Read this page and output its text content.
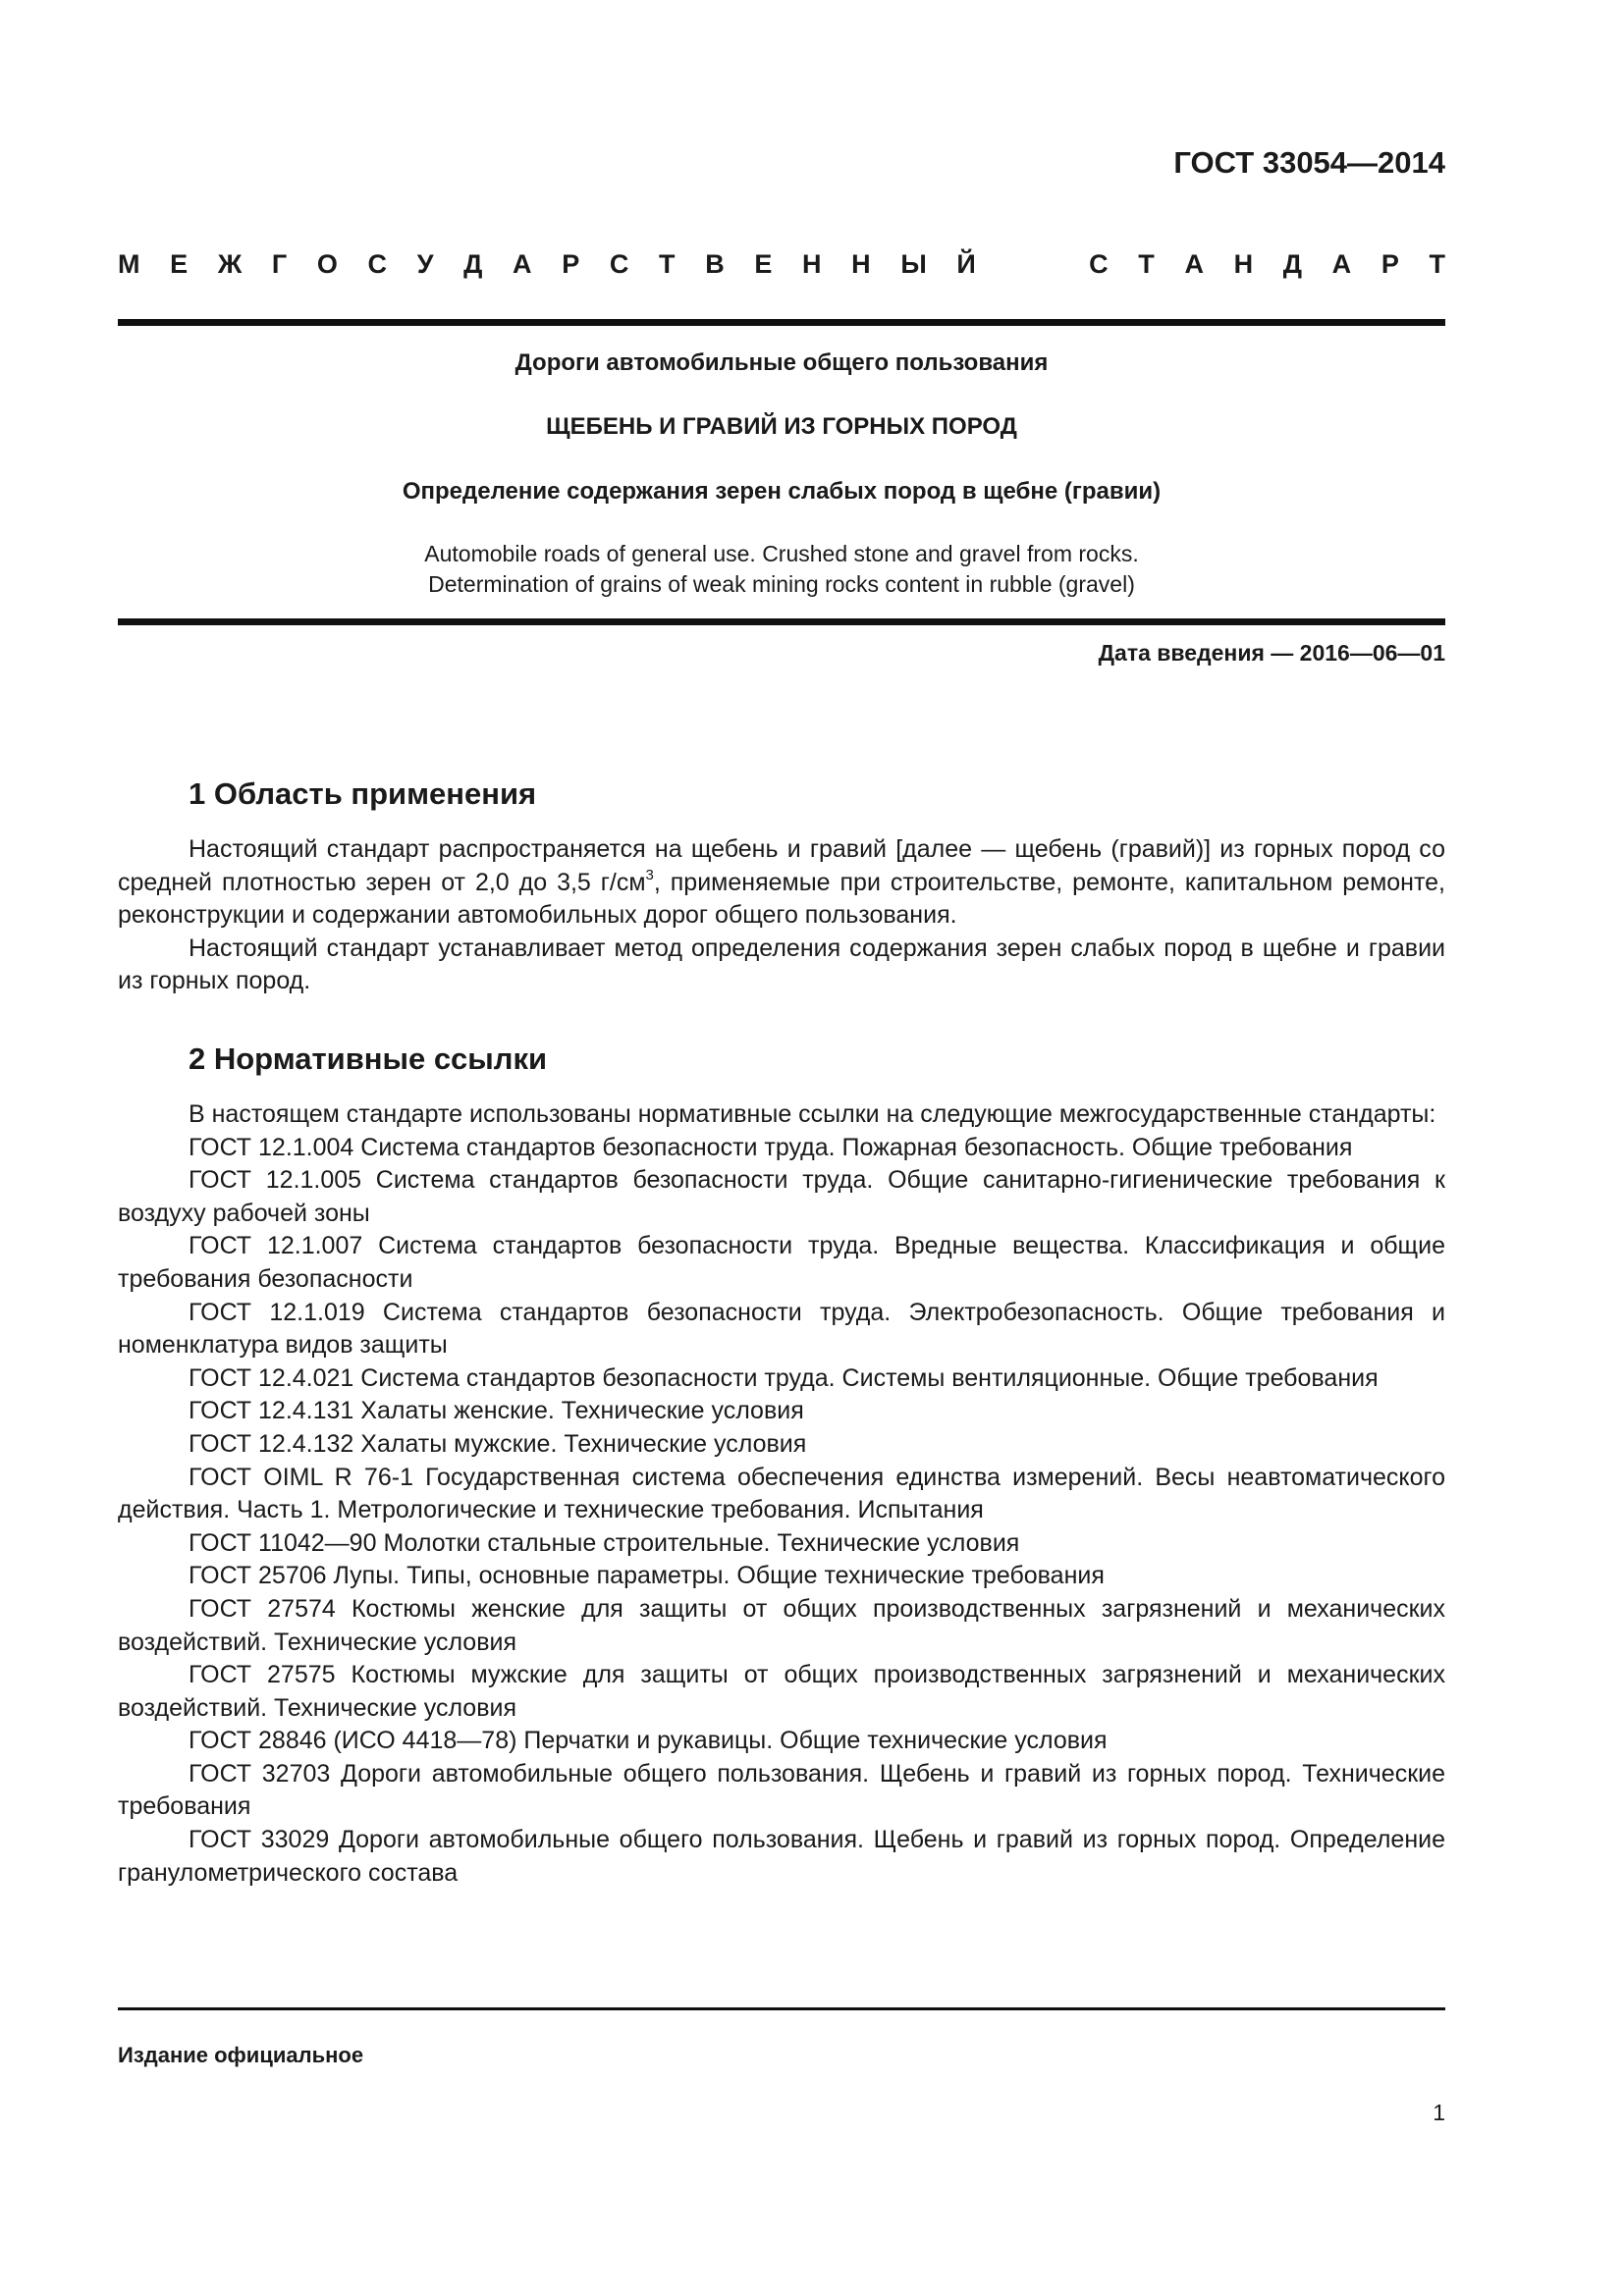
ГОСТ 33054—2014
М Е Ж Г О С У Д А Р С Т В Е Н Н Ы Й	С Т А Н Д А Р Т
Дороги автомобильные общего пользования
ЩЕБЕНЬ И ГРАВИЙ ИЗ ГОРНЫХ ПОРОД
Определение содержания зерен слабых пород в щебне (гравии)
Automobile roads of general use. Crushed stone and gravel from rocks.
Determination of grains of weak mining rocks content in rubble (gravel)
Дата введения — 2016—06—01
1 Область применения

Настоящий стандарт распространяется на щебень и гравий [далее — щебень (гравий)] из горных пород со средней плотностью зерен от 2,0 до 3,5 $г/см^3$, применяемые при строительстве, ремонте, капитальном ремонте, реконструкции и содержании автомобильных дорог общего пользования.

Настоящий стандарт устанавливает метод определения содержания зерен слабых пород в щебне и гравии из горных пород.

2 Нормативные ссылки

В настоящем стандарте использованы нормативные ссылки на следующие межгосударственные стандарты:

ГОСТ 12.1.004 Система стандартов безопасности труда. Пожарная безопасность. Общие требования

ГОСТ 12.1.005 Система стандартов безопасности труда. Общие санитарно-гигиенические требования к воздуху рабочей зоны

ГОСТ 12.1.007 Система стандартов безопасности труда. Вредные вещества. Классификация и общие требования безопасности

ГОСТ 12.1.019 Система стандартов безопасности труда. Электробезопасность. Общие требования и номенклатура видов защиты

ГОСТ 12.4.021 Система стандартов безопасности труда. Системы вентиляционные. Общие требования

ГОСТ 12.4.131 Халаты женские. Технические условия

ГОСТ 12.4.132 Халаты мужские. Технические условия

ГОСТ OIML R 76-1 Государственная система обеспечения единства измерений. Весы неавтоматического действия. Часть 1. Метрологические и технические требования. Испытания

ГОСТ 11042—90 Молотки стальные строительные. Технические условия

ГОСТ 25706 Лупы. Типы, основные параметры. Общие технические требования

ГОСТ 27574 Костюмы женские для защиты от общих производственных загрязнений и механических воздействий. Технические условия

ГОСТ 27575 Костюмы мужские для защиты от общих производственных загрязнений и механических воздействий. Технические условия

ГОСТ 28846 (ИСО 4418—78) Перчатки и рукавицы. Общие технические условия

ГОСТ 32703 Дороги автомобильные общего пользования. Щебень и гравий из горных пород. Технические требования

ГОСТ 33029 Дороги автомобильные общего пользования. Щебень и гравий из горных пород. Определение гранулометрического состава

Издание официальное
1
